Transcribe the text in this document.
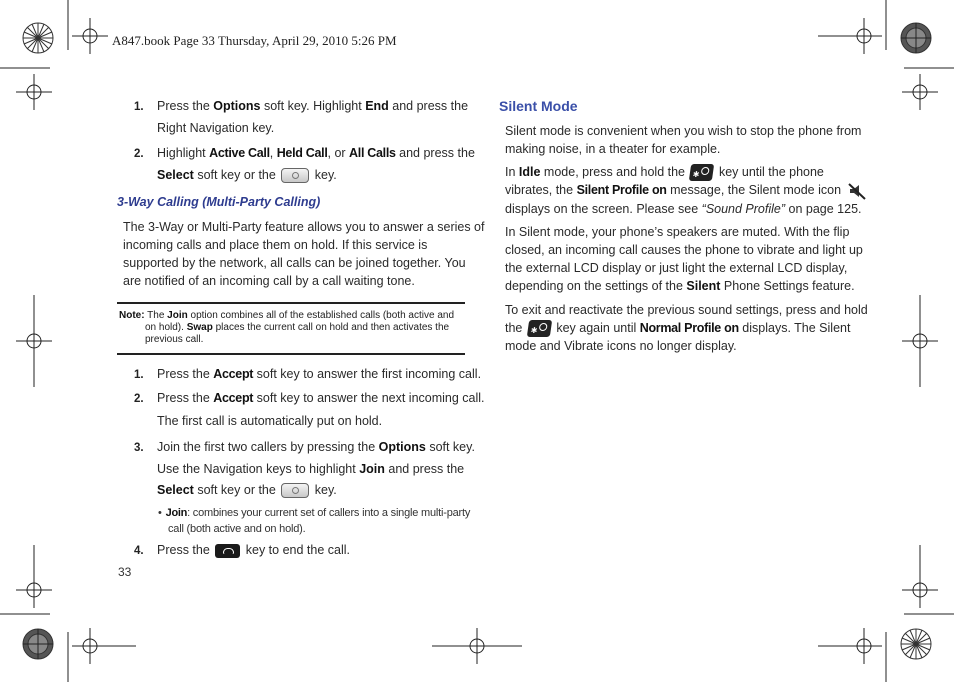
A847.book Page 33 Thursday, April 29, 2010 5:26 PM
1. Press the Options soft key. Highlight End and press the
Right Navigation key.
2. Highlight Active Call, Held Call, or All Calls and press the
Select soft key or the	key.
3-Way Calling (Multi-Party Calling)
The 3-Way or Multi-Party feature allows you to answer a series of
incoming calls and place them on hold. If this service is
supported by the network, all calls can be joined together. You
are notified of an incoming call by a call waiting tone.
Note: The Join option combines all of the established calls (both active and
on hold). Swap places the current call on hold and then activates the
previous call.
1. Press the Accept soft key to answer the first incoming call.
2. Press the Accept soft key to answer the next incoming call.
The first call is automatically put on hold.
3. Join the first two callers by pressing the Options soft key.
Use the Navigation keys to highlight Join and press the
Select soft key or the	key.
• Join: combines your current set of callers into a single multi-party
call (both active and on hold).
4. Press the  key to end the call.
33
Silent Mode
Silent mode is convenient when you wish to stop the phone from
making noise, in a theater for example.
In Idle mode, press and hold the ✱ key until the phone
vibrates, the Silent Profile on message, the Silent mode icon
displays on the screen. Please see “Sound Profile” on page 125.
In Silent mode, your phone’s speakers are muted. With the flip
closed, an incoming call causes the phone to vibrate and light up
the external LCD display or just light the external LCD display,
depending on the settings of the Silent Phone Settings feature.
To exit and reactivate the previous sound settings, press and hold
the ✱ key again until Normal Profile on displays. The Silent
mode and Vibrate icons no longer display.
